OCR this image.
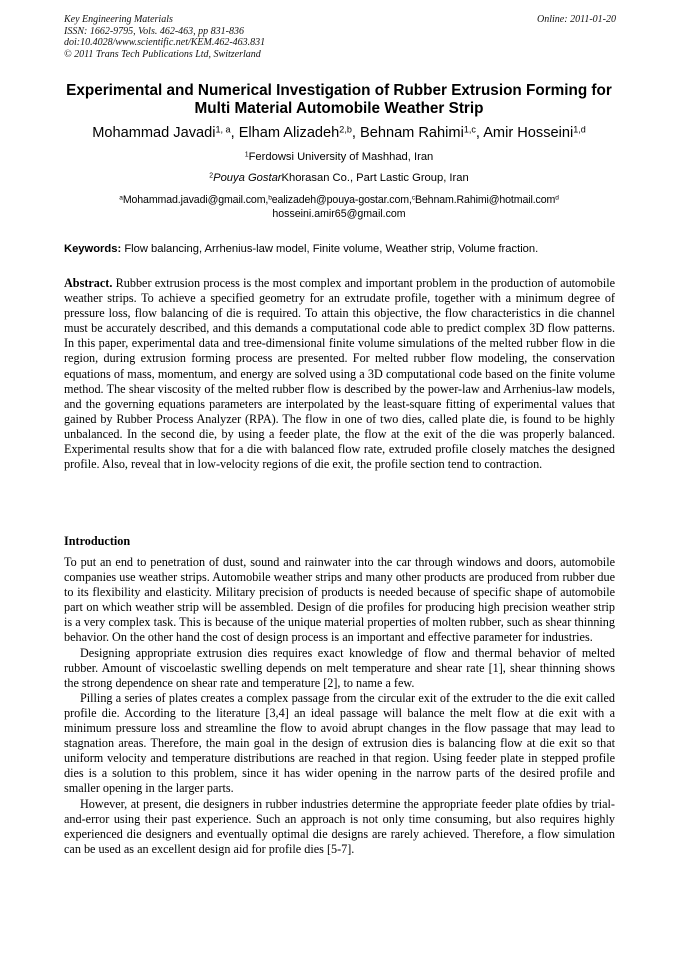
Key Engineering Materials
ISSN: 1662-9795, Vols. 462-463, pp 831-836
doi:10.4028/www.scientific.net/KEM.462-463.831
© 2011 Trans Tech Publications Ltd, Switzerland
Online: 2011-01-20
Experimental and Numerical Investigation of Rubber Extrusion Forming for Multi Material Automobile Weather Strip
Mohammad Javadi$^{1, a}$, Elham Alizadeh$^{2,b}$, Behnam Rahimi$^{1,c}$, Amir Hosseini$^{1,d}$
$^1$Ferdowsi University of Mashhad, Iran
$^2$Pouya GostarKhorasan Co., Part Lastic Group, Iran
$^a$Mohammad.javadi@gmail.com,$^b$ealizadeh@pouya-gostar.com,$^c$Behnam.Rahimi@hotmail.com$^d$
hosseini.amir65@gmail.com
Keywords: Flow balancing, Arrhenius-law model, Finite volume, Weather strip, Volume fraction.
Abstract. Rubber extrusion process is the most complex and important problem in the production of automobile weather strips. To achieve a specified geometry for an extrudate profile, together with a minimum degree of pressure loss, flow balancing of die is required. To attain this objective, the flow characteristics in die channel must be accurately described, and this demands a computational code able to predict complex 3D flow patterns. In this paper, experimental data and tree-dimensional finite volume simulations of the melted rubber flow in die region, during extrusion forming process are presented. For melted rubber flow modeling, the conservation equations of mass, momentum, and energy are solved using a 3D computational code based on the finite volume method. The shear viscosity of the melted rubber flow is described by the power-law and Arrhenius-law models, and the governing equations parameters are interpolated by the least-square fitting of experimental values that gained by Rubber Process Analyzer (RPA). The flow in one of two dies, called plate die, is found to be highly unbalanced. In the second die, by using a feeder plate, the flow at the exit of the die was properly balanced. Experimental results show that for a die with balanced flow rate, extruded profile closely matches the designed profile. Also, reveal that in low-velocity regions of die exit, the profile section tend to contraction.
Introduction

To put an end to penetration of dust, sound and rainwater into the car through windows and doors, automobile companies use weather strips. Automobile weather strips and many other products are produced from rubber due to its flexibility and elasticity. Military precision of products is needed because of specific shape of automobile part on which weather strip will be assembled. Design of die profiles for producing high precision weather strip is a very complex task. This is because of the unique material properties of molten rubber, such as shear thinning behavior. On the other hand the cost of design process is an important and effective parameter for industries.

Designing appropriate extrusion dies requires exact knowledge of flow and thermal behavior of melted rubber. Amount of viscoelastic swelling depends on melt temperature and shear rate [1], shear thinning shows the strong dependence on shear rate and temperature [2], to name a few.

Pilling a series of plates creates a complex passage from the circular exit of the extruder to the die exit called profile die. According to the literature [3,4] an ideal passage will balance the melt flow at die exit with a minimum pressure loss and streamline the flow to avoid abrupt changes in the flow passage that may lead to stagnation areas. Therefore, the main goal in the design of extrusion dies is balancing flow at die exit so that uniform velocity and temperature distributions are reached in that region. Using feeder plate in stepped profile dies is a solution to this problem, since it has wider opening in the narrow parts of the desired profile and smaller opening in the larger parts.

However, at present, die designers in rubber industries determine the appropriate feeder plate ofdies by trial-and-error using their past experience. Such an approach is not only time consuming, but also requires highly experienced die designers and eventually optimal die designs are rarely achieved. Therefore, a flow simulation can be used as an excellent design aid for profile dies [5-7].
